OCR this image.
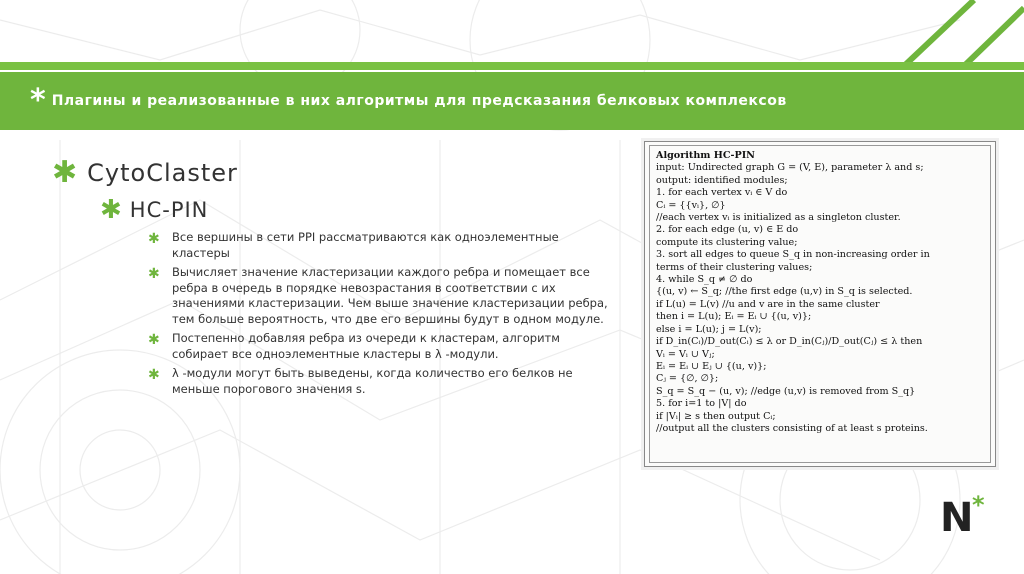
* Плагины и реализованные в них алгоритмы для предсказания белковых комплексов
✱ CytoClaster
✱ HC-PIN
✱	Все вершины в сети PPI рассматриваются как одноэлементные кластеры
✱	Вычисляет значение кластеризации каждого ребра и помещает все ребра в очередь в порядке невозрастания в соответствии с их значениями кластеризации. Чем выше значение кластеризации ребра, тем больше вероятность, что две его вершины будут в одном модуле.
✱	Постепенно добавляя ребра из очереди к кластерам, алгоритм собирает все одноэлементные кластеры в λ -модули.
✱	λ -модули могут быть выведены, когда количество его белков не меньше порогового значения s.
Algorithm HC-PIN
input: Undirected graph G = (V, E), parameter λ and s;
output: identified modules;
1. for each vertex vᵢ ∈ V do
Cᵢ = {{vᵢ}, ∅}
//each vertex vᵢ is initialized as a singleton cluster.
2. for each edge (u, v) ∈ E do
compute its clustering value;
3. sort all edges to queue S_q in non-increasing order in
terms of their clustering values;
4. while S_q ≠ ∅ do
{(u, v) ← S_q; //the first edge (u,v) in S_q is selected.
if L(u) = L(v) //u and v are in the same cluster
then i = L(u); Eᵢ = Eᵢ ∪ {(u, v)};
else i = L(u); j = L(v);
if D_in(Cᵢ)/D_out(Cᵢ) ≤ λ or D_in(Cⱼ)/D_out(Cⱼ) ≤ λ then
Vᵢ = Vᵢ ∪ Vⱼ;
Eᵢ = Eᵢ ∪ Eⱼ ∪ {(u, v)};
Cⱼ = {∅, ∅};
S_q = S_q − (u, v); //edge (u,v) is removed from S_q}
5. for i=1 to |V| do
if |Vᵢ| ≥ s then output Cᵢ;
//output all the clusters consisting of at least s proteins.
N
*
